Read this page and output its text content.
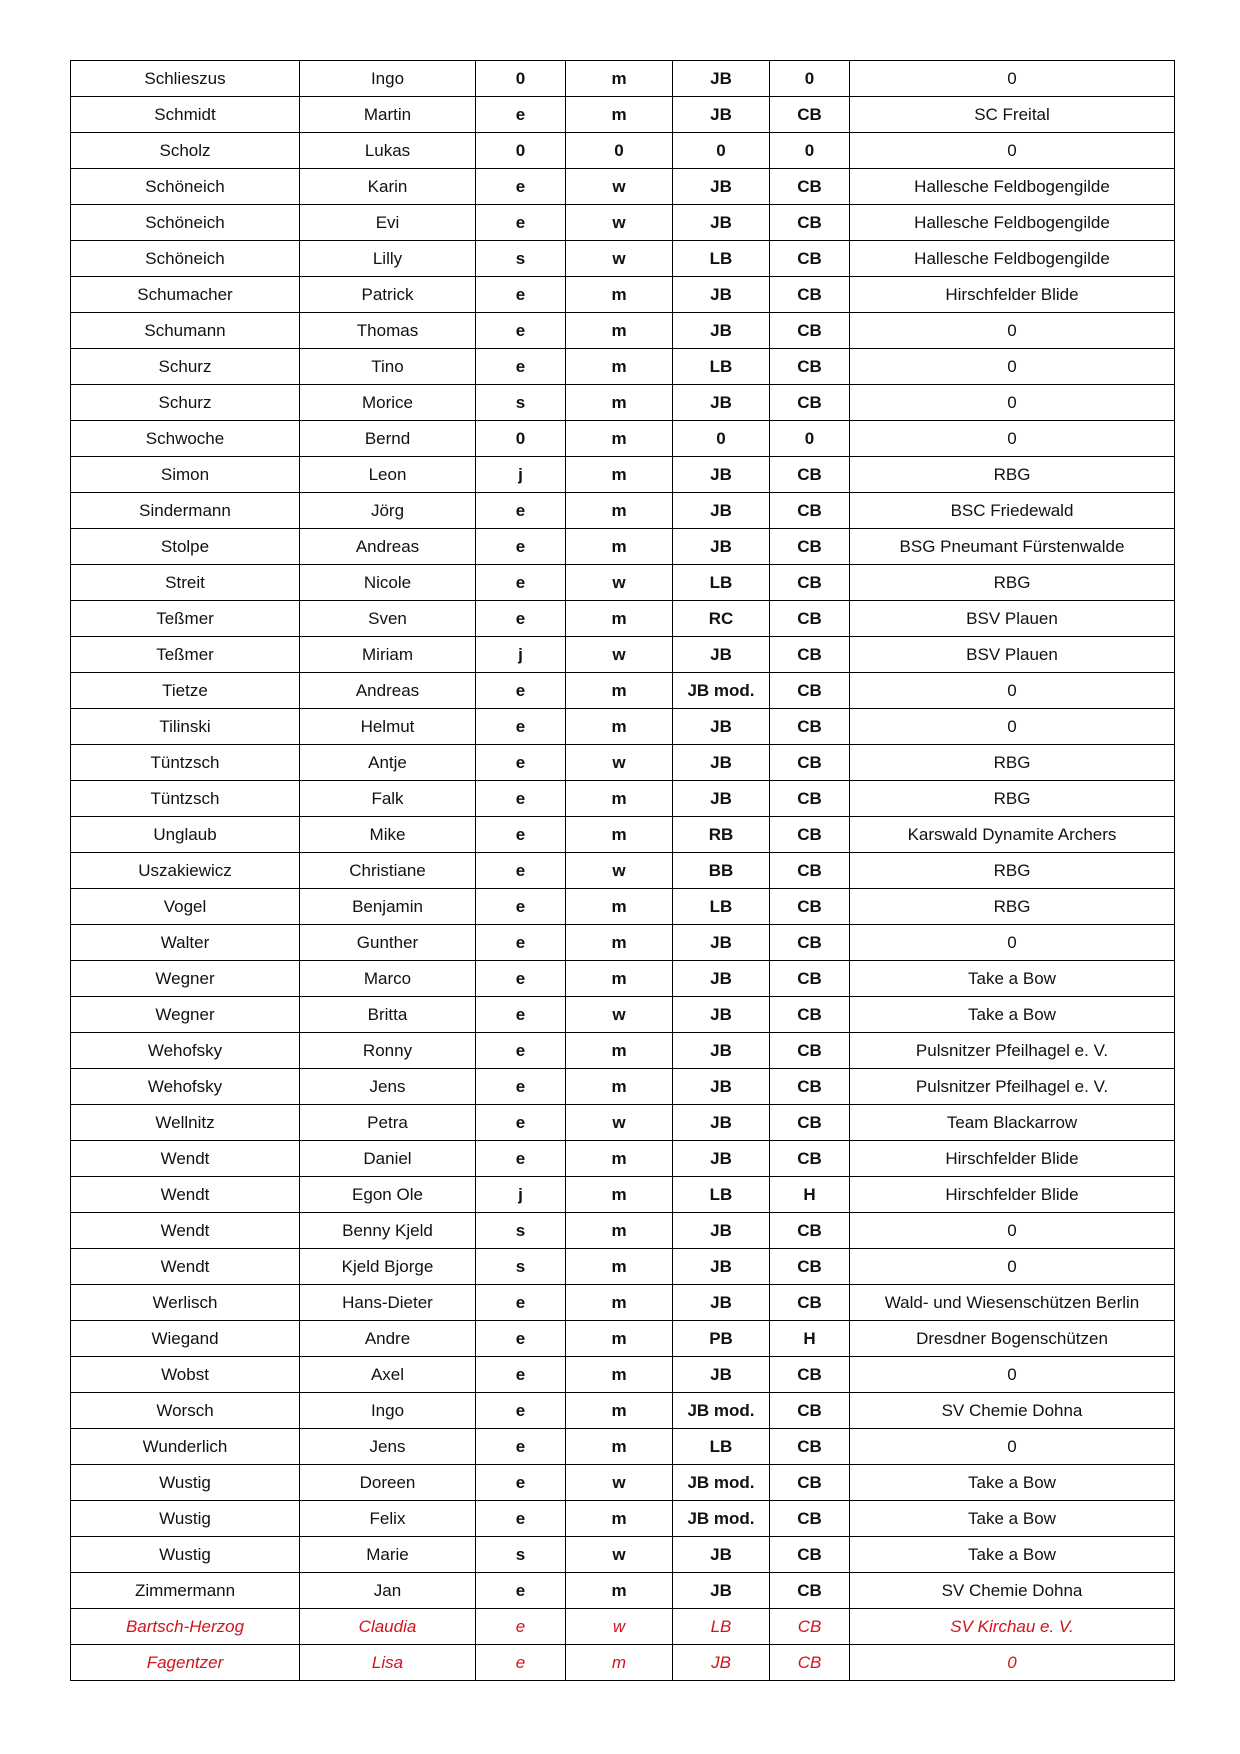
Schlieszus	Ingo	0	m	JB	0	0
Schmidt	Martin	e	m	JB	CB	SC Freital
Scholz	Lukas	0	0	0	0	0
Schöneich	Karin	e	w	JB	CB	Hallesche Feldbogengilde
Schöneich	Evi	e	w	JB	CB	Hallesche Feldbogengilde
Schöneich	Lilly	s	w	LB	CB	Hallesche Feldbogengilde
Schumacher	Patrick	e	m	JB	CB	Hirschfelder Blide
Schumann	Thomas	e	m	JB	CB	0
Schurz	Tino	e	m	LB	CB	0
Schurz	Morice	s	m	JB	CB	0
Schwoche	Bernd	0	m	0	0	0
Simon	Leon	j	m	JB	CB	RBG
Sindermann	Jörg	e	m	JB	CB	BSC Friedewald
Stolpe	Andreas	e	m	JB	CB	BSG Pneumant Fürstenwalde
Streit	Nicole	e	w	LB	CB	RBG
Teßmer	Sven	e	m	RC	CB	BSV Plauen
Teßmer	Miriam	j	w	JB	CB	BSV Plauen
Tietze	Andreas	e	m	JB mod.	CB	0
Tilinski	Helmut	e	m	JB	CB	0
Tüntzsch	Antje	e	w	JB	CB	RBG
Tüntzsch	Falk	e	m	JB	CB	RBG
Unglaub	Mike	e	m	RB	CB	Karswald Dynamite Archers
Uszakiewicz	Christiane	e	w	BB	CB	RBG
Vogel	Benjamin	e	m	LB	CB	RBG
Walter	Gunther	e	m	JB	CB	0
Wegner	Marco	e	m	JB	CB	Take a Bow
Wegner	Britta	e	w	JB	CB	Take a Bow
Wehofsky	Ronny	e	m	JB	CB	Pulsnitzer Pfeilhagel e. V.
Wehofsky	Jens	e	m	JB	CB	Pulsnitzer Pfeilhagel e. V.
Wellnitz	Petra	e	w	JB	CB	Team Blackarrow
Wendt	Daniel	e	m	JB	CB	Hirschfelder Blide
Wendt	Egon Ole	j	m	LB	H	Hirschfelder Blide
Wendt	Benny Kjeld	s	m	JB	CB	0
Wendt	Kjeld Bjorge	s	m	JB	CB	0
Werlisch	Hans-Dieter	e	m	JB	CB	Wald- und Wiesenschützen Berlin
Wiegand	Andre	e	m	PB	H	Dresdner Bogenschützen
Wobst	Axel	e	m	JB	CB	0
Worsch	Ingo	e	m	JB mod.	CB	SV Chemie Dohna
Wunderlich	Jens	e	m	LB	CB	0
Wustig	Doreen	e	w	JB mod.	CB	Take a Bow
Wustig	Felix	e	m	JB mod.	CB	Take a Bow
Wustig	Marie	s	w	JB	CB	Take a Bow
Zimmermann	Jan	e	m	JB	CB	SV Chemie Dohna
Bartsch-Herzog	Claudia	e	w	LB	CB	SV Kirchau e. V.
Fagentzer	Lisa	e	m	JB	CB	0
